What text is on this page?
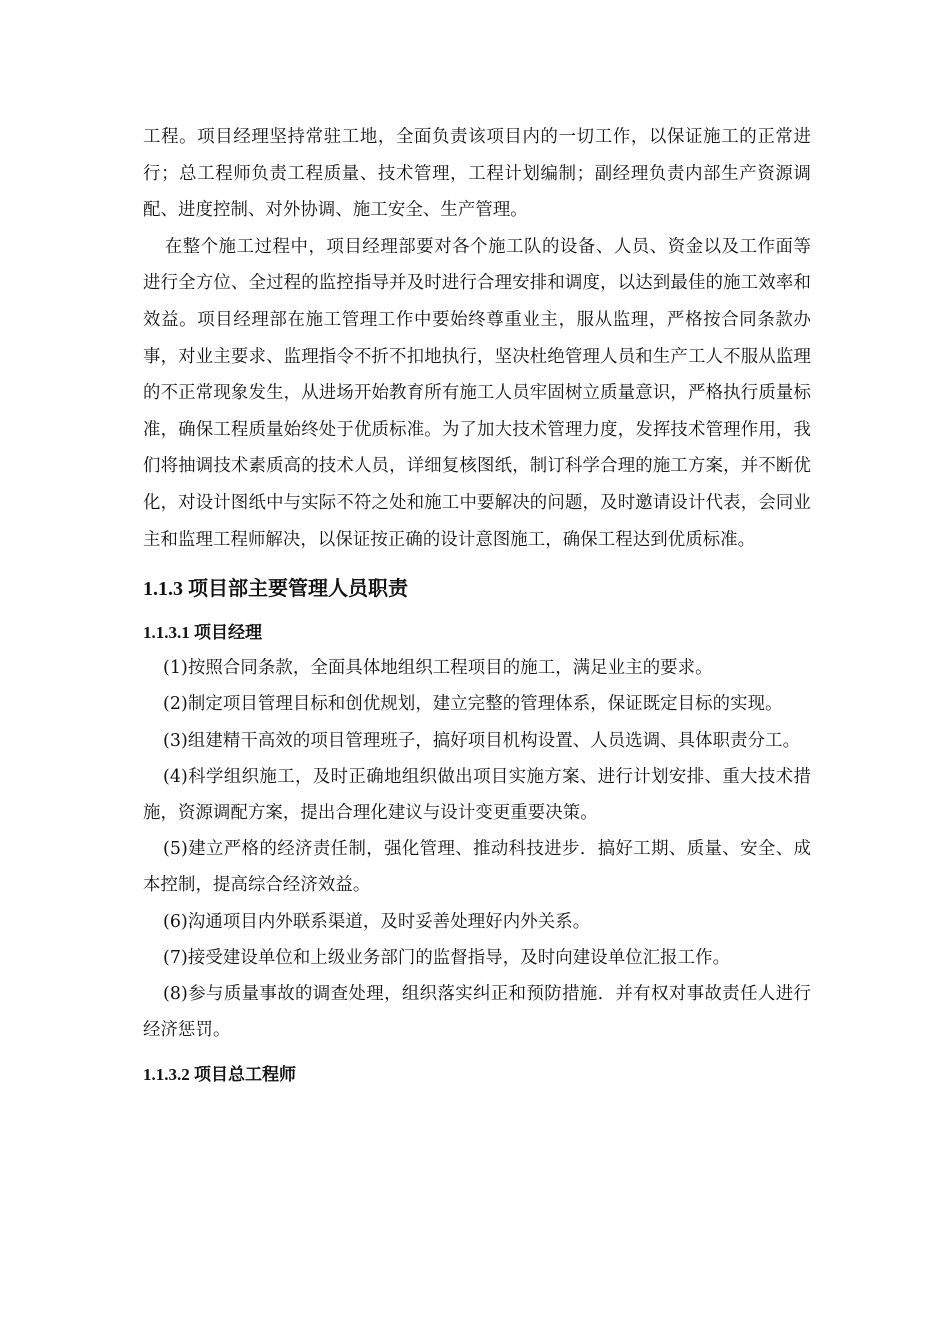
工程。项目经理坚持常驻工地，全面负责该项目内的一切工作，以保证施工的正常进行；总工程师负责工程质量、技术管理，工程计划编制；副经理负责内部生产资源调配、进度控制、对外协调、施工安全、生产管理。

在整个施工过程中，项目经理部要对各个施工队的设备、人员、资金以及工作面等进行全方位、全过程的监控指导并及时进行合理安排和调度，以达到最佳的施工效率和效益。项目经理部在施工管理工作中要始终尊重业主，服从监理，严格按合同条款办事，对业主要求、监理指令不折不扣地执行，坚决杜绝管理人员和生产工人不服从监理的不正常现象发生，从进场开始教育所有施工人员牢固树立质量意识，严格执行质量标准，确保工程质量始终处于优质标准。为了加大技术管理力度，发挥技术管理作用，我们将抽调技术素质高的技术人员，详细复核图纸，制订科学合理的施工方案，并不断优化，对设计图纸中与实际不符之处和施工中要解决的问题，及时邀请设计代表，会同业主和监理工程师解决，以保证按正确的设计意图施工，确保工程达到优质标准。

1.1.3 项目部主要管理人员职责
1.1.3.1 项目经理

(1)按照合同条款，全面具体地组织工程项目的施工，满足业主的要求。

(2)制定项目管理目标和创优规划，建立完整的管理体系，保证既定目标的实现。

(3)组建精干高效的项目管理班子，搞好项目机构设置、人员选调、具体职责分工。

(4)科学组织施工，及时正确地组织做出项目实施方案、进行计划安排、重大技术措施，资源调配方案，提出合理化建议与设计变更重要决策。

(5)建立严格的经济责任制，强化管理、推动科技进步．搞好工期、质量、安全、成本控制，提高综合经济效益。

(6)沟通项目内外联系渠道，及时妥善处理好内外关系。

(7)接受建设单位和上级业务部门的监督指导，及时向建设单位汇报工作。

(8)参与质量事故的调查处理，组织落实纠正和预防措施．并有权对事故责任人进行经济惩罚。

1.1.3.2 项目总工程师
